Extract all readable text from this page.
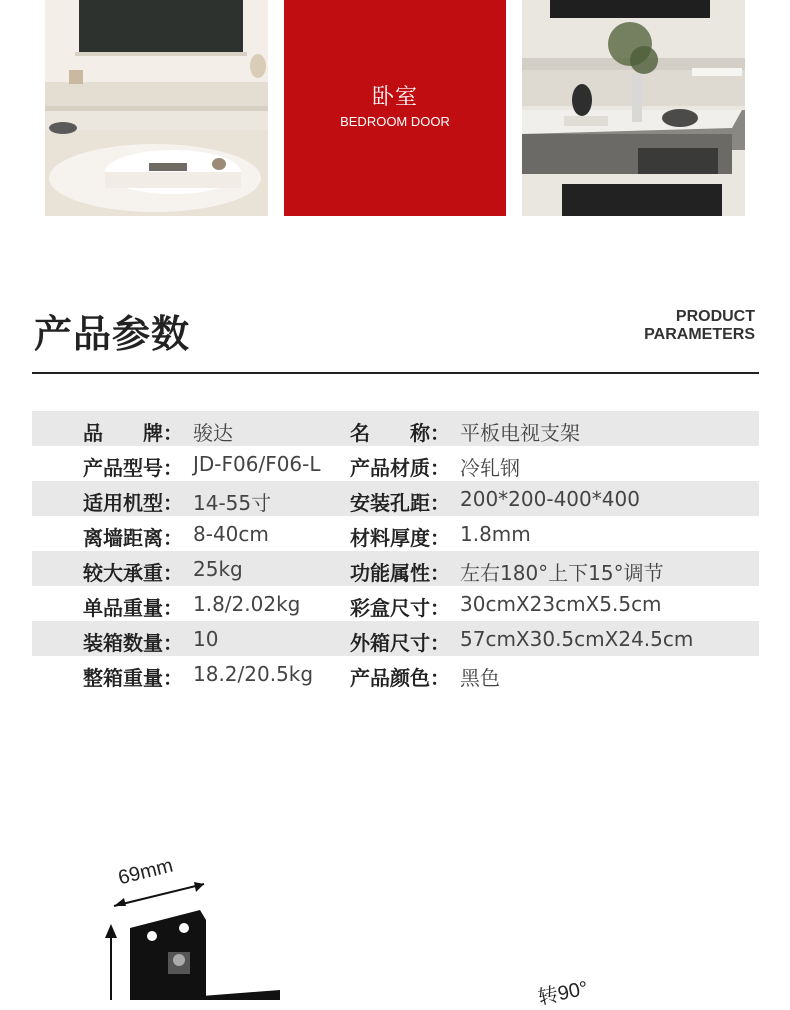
卧室
BEDROOM DOOR
产品参数	PRODUCT
PARAMETERS
品　　牌： 骏达	名　　称： 平板电视支架
产品型号： JD-F06/F06-L 产品材质： 冷轧钢
适用机型： 14-55寸	安装孔距： 200*200-400*400
离墙距离： 8-40cm	材料厚度： 1.8mm
较大承重： 25kg	功能属性： 左右180°上下15°调节
单品重量： 1.8/2.02kg 彩盒尺寸： 30cmX23cmX5.5cm
装箱数量： 10	外箱尺寸： 57cmX30.5cmX24.5cm
整箱重量： 18.2/20.5kg 产品颜色： 黑色
69mm
转90°
